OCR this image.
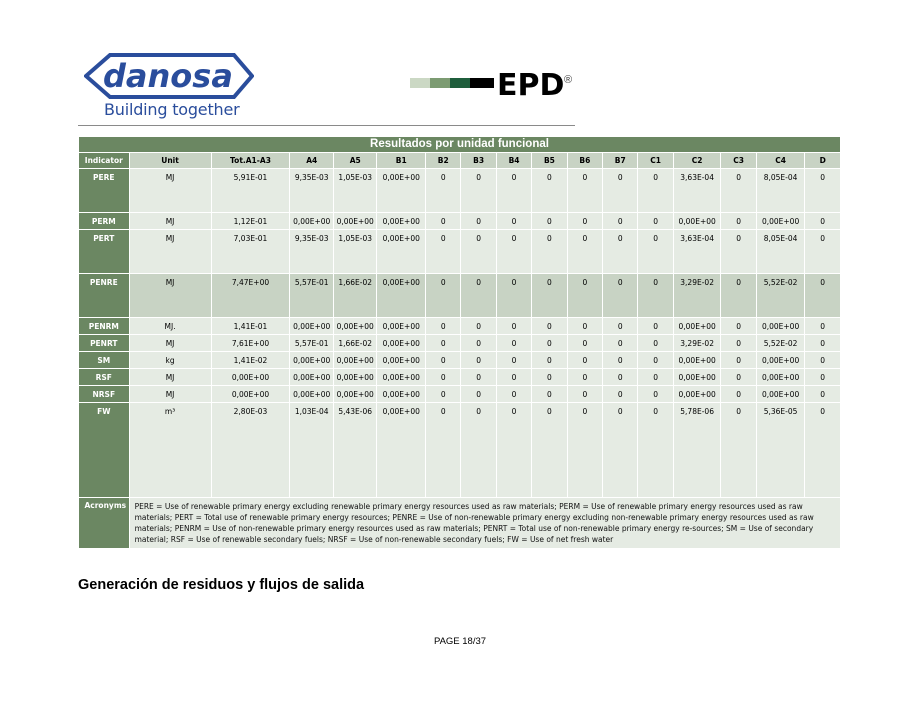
danosa
Building together
EPD ®
Resultados por unidad funcional																
Indicator	Unit	Tot.A1-A3	A4	A5	B1	B2	B3	B4	B5	B6	B7	C1	C2	C3	C4	D
PERE	MJ	5,91E-01	9,35E-03	1,05E-03	0,00E+00	0	0	0	0	0	0	0	3,63E-04	0	8,05E-04	0
PERM	MJ	1,12E-01	0,00E+00	0,00E+00	0,00E+00	0	0	0	0	0	0	0	0,00E+00	0	0,00E+00	0
PERT	MJ	7,03E-01	9,35E-03	1,05E-03	0,00E+00	0	0	0	0	0	0	0	3,63E-04	0	8,05E-04	0
PENRE	MJ	7,47E+00	5,57E-01	1,66E-02	0,00E+00	0	0	0	0	0	0	0	3,29E-02	0	5,52E-02	0
PENRM	MJ.	1,41E-01	0,00E+00	0,00E+00	0,00E+00	0	0	0	0	0	0	0	0,00E+00	0	0,00E+00	0
PENRT	MJ	7,61E+00	5,57E-01	1,66E-02	0,00E+00	0	0	0	0	0	0	0	3,29E-02	0	5,52E-02	0
SM	kg	1,41E-02	0,00E+00	0,00E+00	0,00E+00	0	0	0	0	0	0	0	0,00E+00	0	0,00E+00	0
RSF	MJ	0,00E+00	0,00E+00	0,00E+00	0,00E+00	0	0	0	0	0	0	0	0,00E+00	0	0,00E+00	0
NRSF	MJ	0,00E+00	0,00E+00	0,00E+00	0,00E+00	0	0	0	0	0	0	0	0,00E+00	0	0,00E+00	0
FW	m³	2,80E-03	1,03E-04	5,43E-06	0,00E+00	0	0	0	0	0	0	0	5,78E-06	0	5,36E-05	0
Acronyms	PERE = Use of renewable primary energy excluding renewable primary energy resources used as raw materials; PERM = Use of renewable primary energy resources used as raw materials; PERT = Total use of renewable primary energy resources; PENRE = Use of non-renewable primary energy excluding non-renewable primary energy resources used as raw materials; PENRM = Use of non-renewable primary energy resources used as raw materials; PENRT = Total use of non-renewable primary energy re-sources; SM = Use of secondary material; RSF = Use of renewable secondary fuels; NRSF = Use of non-renewable secondary fuels; FW = Use of net fresh water															
Generación de residuos y flujos de salida
PAGE 18/37
